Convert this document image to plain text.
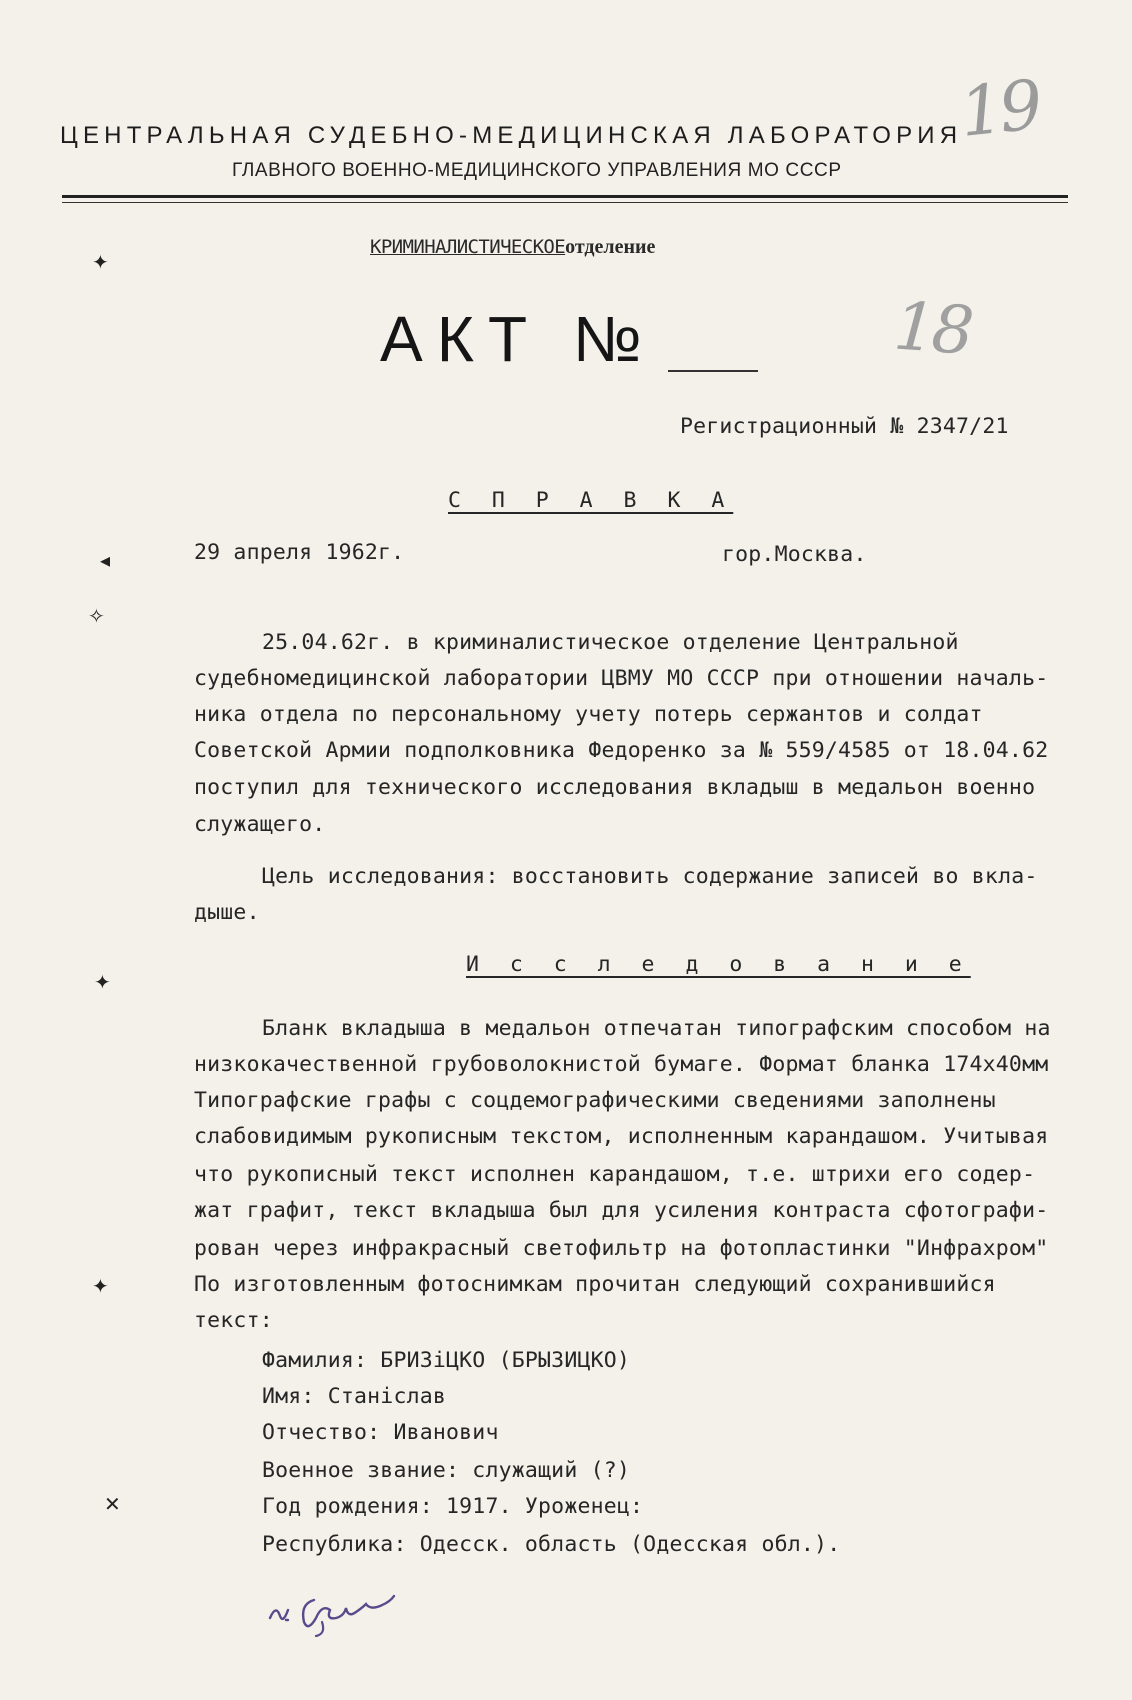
ЦЕНТРАЛЬНАЯ СУДЕБНО-МЕДИЦИНСКАЯ ЛАБОРАТОРИЯ
ГЛАВНОГО ВОЕННО-МЕДИЦИНСКОГО УПРАВЛЕНИЯ МО СССР
19
18
КРИМИНАЛИСТИЧЕСКОЕотделение
АКТ №
Регистрационный № 2347/21
С П Р А В К А
29 апреля 1962г.	гор.Москва.
25.04.62г. в криминалистическое отделение Центральной
судебномедицинской лаборатории ЦВМУ МО СССР при отношении началь-
ника отдела по персональному учету потерь сержантов и солдат
Советской Армии подполковника Федоренко за № 559/4585 от 18.04.62
поступил для технического исследования вкладыш в медальон военно
служащего.
Цель исследования: восстановить содержание записей во вкла-
дыше.
И с с л е д о в а н и е
Бланк вкладыша в медальон отпечатан типографским способом на
низкокачественной грубоволокнистой бумаге. Формат бланка 174х40мм
Типографские графы с соцдемографическими сведениями заполнены
слабовидимым рукописным текстом, исполненным карандашом. Учитывая
что рукописный текст исполнен карандашом, т.е. штрихи его содер-
жат графит, текст вкладыша был для усиления контраста сфотографи-
рован через инфракрасный светофильтр на фотопластинки "Инфрахром"
По изготовленным фотоснимкам прочитан следующий сохранившийся
текст:
Фамилия: БРИЗіЦКО (БРЫЗИЦКО)
Имя: Станіслав
Отчество: Иванович
Военное звание: служащий (?)
Год рождения: 1917. Уроженец:
Республика: Одесск. область (Одесская обл.).
✦
◂
✧
✦
✦
✕
